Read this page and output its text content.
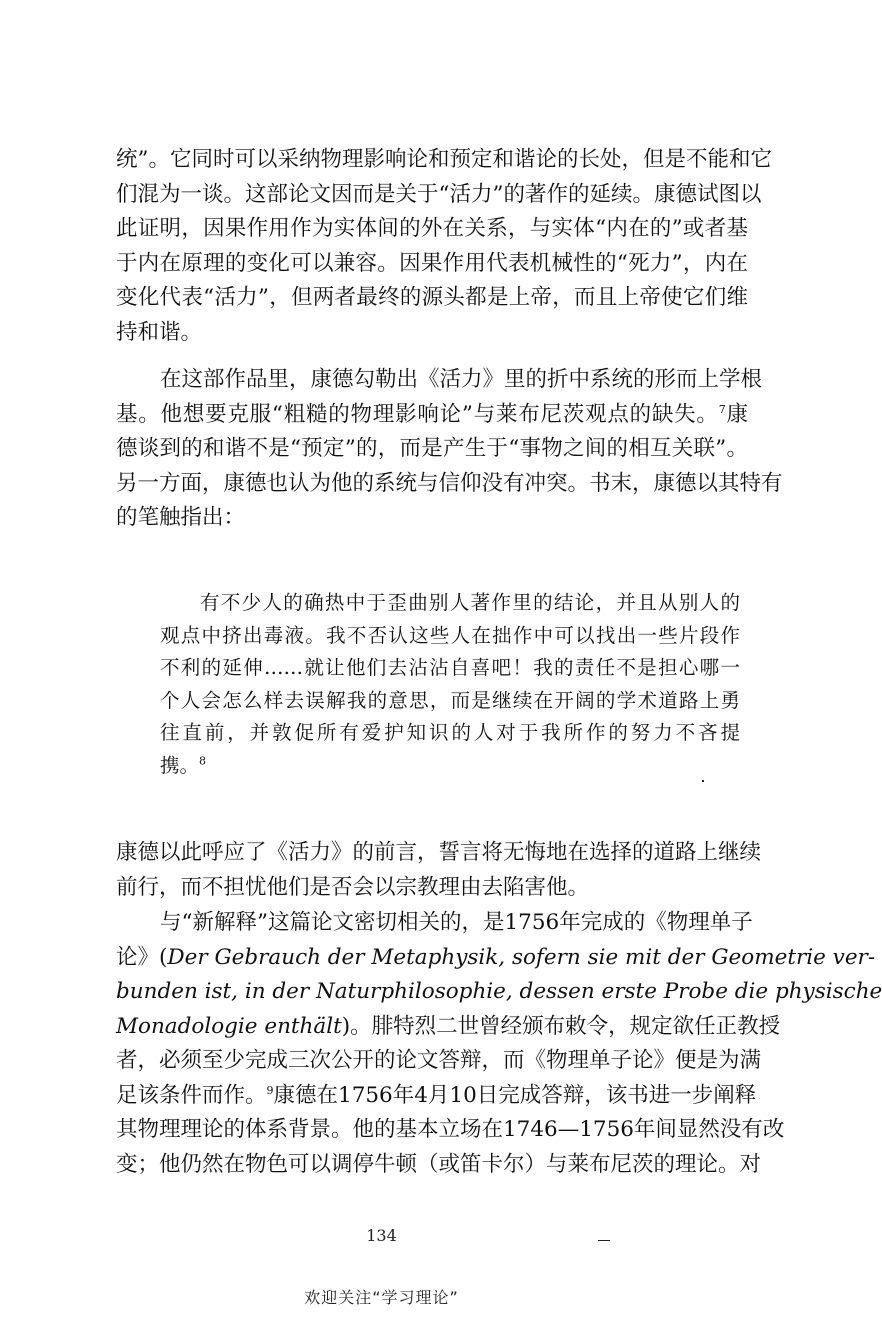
统”。它同时可以采纳物理影响论和预定和谐论的长处，但是不能和它
们混为一谈。这部论文因而是关于“活力”的著作的延续。康德试图以
此证明，因果作用作为实体间的外在关系，与实体“内在的”或者基
于内在原理的变化可以兼容。因果作用代表机械性的“死力”，内在
变化代表“活力”，但两者最终的源头都是上帝，而且上帝使它们维
持和谐。
在这部作品里，康德勾勒出《活力》里的折中系统的形而上学根
基。他想要克服“粗糙的物理影响论”与莱布尼茨观点的缺失。$^7$康
德谈到的和谐不是“预定”的，而是产生于“事物之间的相互关联”。
另一方面，康德也认为他的系统与信仰没有冲突。书末，康德以其特有
的笔触指出：
有不少人的确热中于歪曲别人著作里的结论，并且从别人的
观点中挤出毒液。我不否认这些人在拙作中可以找出一些片段作
不利的延伸……就让他们去沾沾自喜吧！我的责任不是担心哪一
个人会怎么样去误解我的意思，而是继续在开阔的学术道路上勇
往直前，并敦促所有爱护知识的人对于我所作的努力不吝提
携。$^8$
康德以此呼应了《活力》的前言，誓言将无悔地在选择的道路上继续
前行，而不担忧他们是否会以宗教理由去陷害他。
与“新解释”这篇论文密切相关的，是1756年完成的《物理单子
论》(Der Gebrauch der Metaphysik, sofern sie mit der Geometrie ver-
bunden ist, in der Naturphilosophie, dessen erste Probe die physische
Monadologie enthält)。腓特烈二世曾经颁布敕令，规定欲任正教授
者，必须至少完成三次公开的论文答辩，而《物理单子论》便是为满
足该条件而作。$^9$康德在1756年4月10日完成答辩，该书进一步阐释
其物理理论的体系背景。他的基本立场在1746—1756年间显然没有改
变；他仍然在物色可以调停牛顿（或笛卡尔）与莱布尼茨的理论。对
134
欢迎关注“学习理论”
